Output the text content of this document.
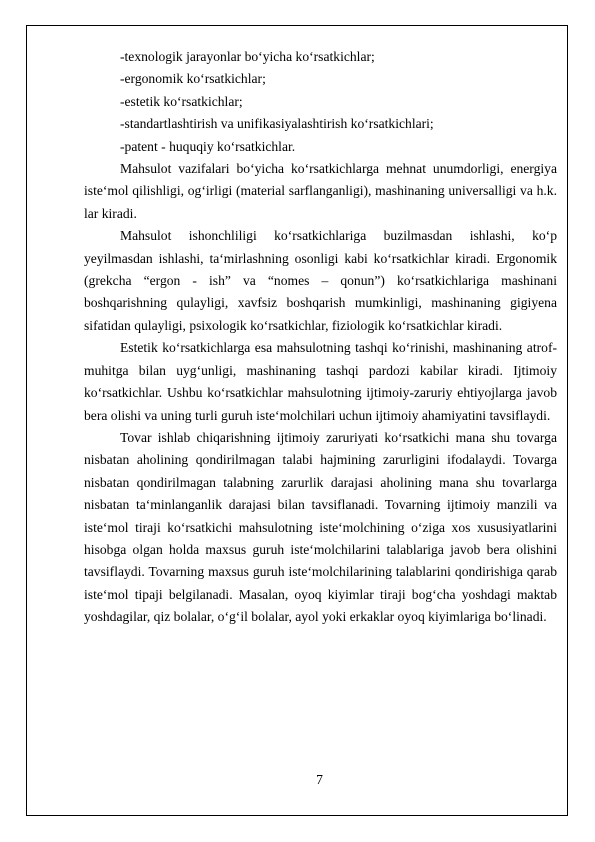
-texnologik jarayonlar bo‘yicha ko‘rsatkichlar;

-ergonomik ko‘rsatkichlar;

-estetik ko‘rsatkichlar;

-standartlashtirish va unifikasiyalashtirish ko‘rsatkichlari;

-patent - huquqiy ko‘rsatkichlar.

Mahsulot vazifalari bo‘yicha ko‘rsatkichlarga mehnat unumdorligi, energiya iste‘mol qilishligi, og‘irligi (material sarflanganligi), mashinaning universalligi va h.k. lar kiradi.

Mahsulot ishonchliligi ko‘rsatkichlariga buzilmasdan ishlashi, ko‘p yeyilmasdan ishlashi, ta‘mirlashning osonligi kabi ko‘rsatkichlar kiradi. Ergonomik (grekcha “ergon - ish” va “nomes – qonun”) ko‘rsatkichlariga mashinani boshqarishning qulayligi, xavfsiz boshqarish mumkinligi, mashinaning gigiyena sifatidan qulayligi, psixologik ko‘rsatkichlar, fiziologik ko‘rsatkichlar kiradi.

Estetik ko‘rsatkichlarga esa mahsulotning tashqi ko‘rinishi, mashinaning atrof-muhitga bilan uyg‘unligi, mashinaning tashqi pardozi kabilar kiradi. Ijtimoiy ko‘rsatkichlar. Ushbu ko‘rsatkichlar mahsulotning ijtimoiy-zaruriy ehtiyojlarga javob bera olishi va uning turli guruh iste‘molchilari uchun ijtimoiy ahamiyatini tavsiflaydi.

Tovar ishlab chiqarishning ijtimoiy zaruriyati ko‘rsatkichi mana shu tovarga nisbatan aholining qondirilmagan talabi hajmining zarurligini ifodalaydi. Tovarga nisbatan qondirilmagan talabning zarurlik darajasi aholining mana shu tovarlarga nisbatan ta‘minlanganlik darajasi bilan tavsiflanadi. Tovarning ijtimoiy manzili va iste‘mol tiraji ko‘rsatkichi mahsulotning iste‘molchining o‘ziga xos xususiyatlarini hisobga olgan holda maxsus guruh iste‘molchilarini talablariga javob bera olishini tavsiflaydi. Tovarning maxsus guruh iste‘molchilarining talablarini qondirishiga qarab iste‘mol tipaji belgilanadi. Masalan, oyoq kiyimlar tiraji bog‘cha yoshdagi maktab yoshdagilar, qiz bolalar, o‘g‘il bolalar, ayol yoki erkaklar oyoq kiyimlariga bo‘linadi.

7
